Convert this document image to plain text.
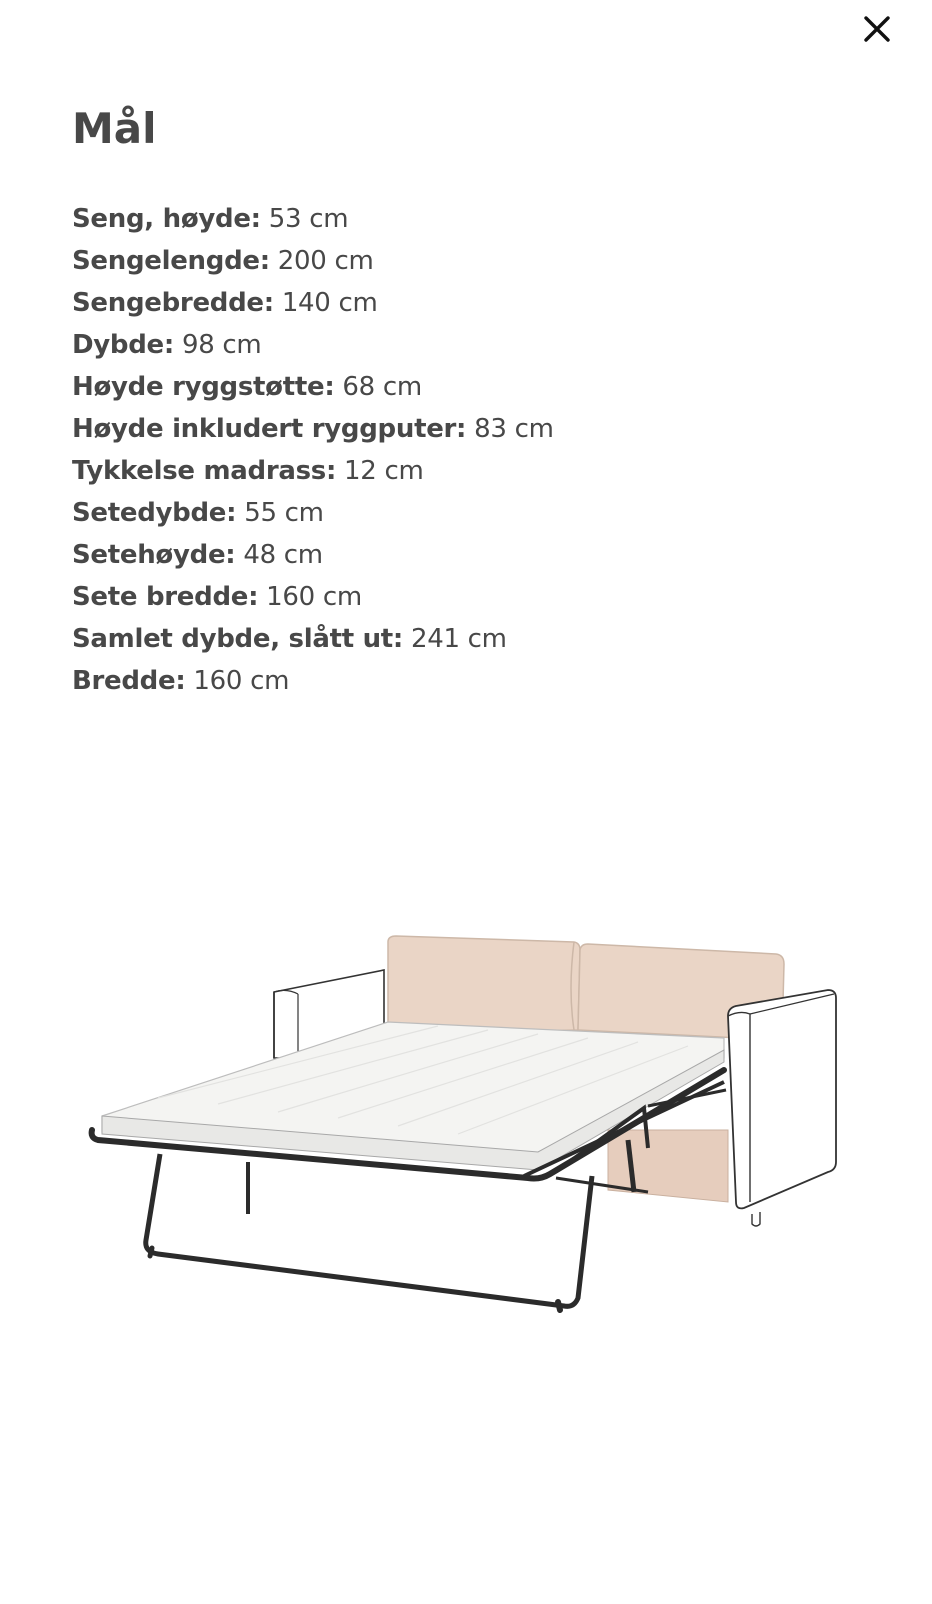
Mål
Seng, høyde: 53 cm
Sengelengde: 200 cm
Sengebredde: 140 cm
Dybde: 98 cm
Høyde ryggstøtte: 68 cm
Høyde inkludert ryggputer: 83 cm
Tykkelse madrass: 12 cm
Setedybde: 55 cm
Setehøyde: 48 cm
Sete bredde: 160 cm
Samlet dybde, slått ut: 241 cm
Bredde: 160 cm
